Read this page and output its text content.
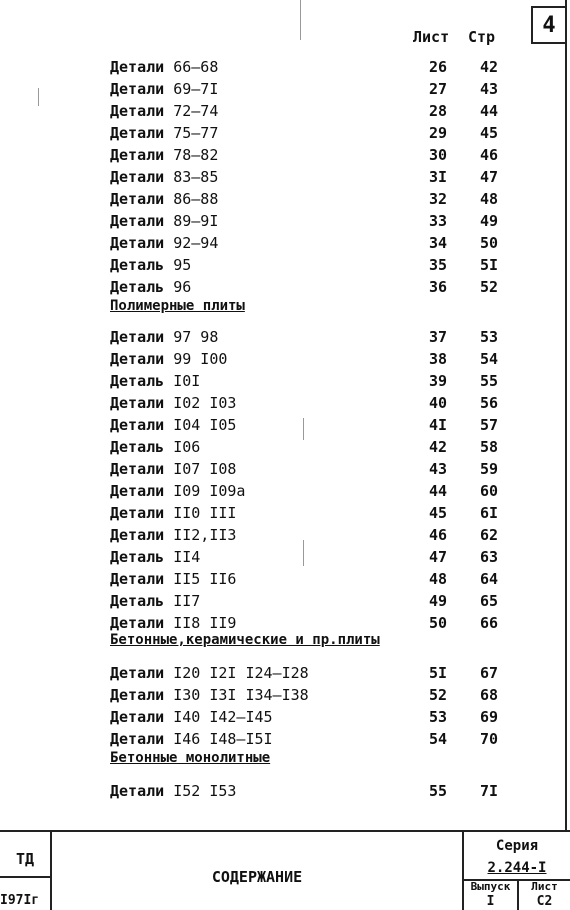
4
Лист Стр
Детали 66–68	26	42
Детали 69–7I	27	43
Детали 72–74	28	44
Детали 75–77	29	45
Детали 78–82	30	46
Детали 83–85	3I	47
Детали 86–88	32	48
Детали 89–9I	33	49
Детали 92–94	34	50
Деталь 95	35	5I
Деталь 96	36	52
Детали 97 98	37	53
Детали 99 I00	38	54
Деталь I0I	39	55
Детали I02 I03	40	56
Детали I04 I05	4I	57
Деталь I06	42	58
Детали I07 I08	43	59
Детали I09 I09а	44	60
Детали II0 III	45	6I
Детали II2,II3	46	62
Деталь II4	47	63
Детали II5 II6	48	64
Деталь II7	49	65
Детали II8 II9	50	66
Детали I20 I2I I24–I28	5I	67
Детали I30 I3I I34–I38	52	68
Детали I40 I42–I45	53	69
Детали I46 I48–I5I	54	70
Детали I52 I53	55	7I
Полимерные плиты
Бетонные,керамические и пр.плиты
Бетонные монолитные
ТД
I97Iг
СОДЕРЖАНИЕ
Серия
2.244-I
Выпуск
I
Лист
С2
